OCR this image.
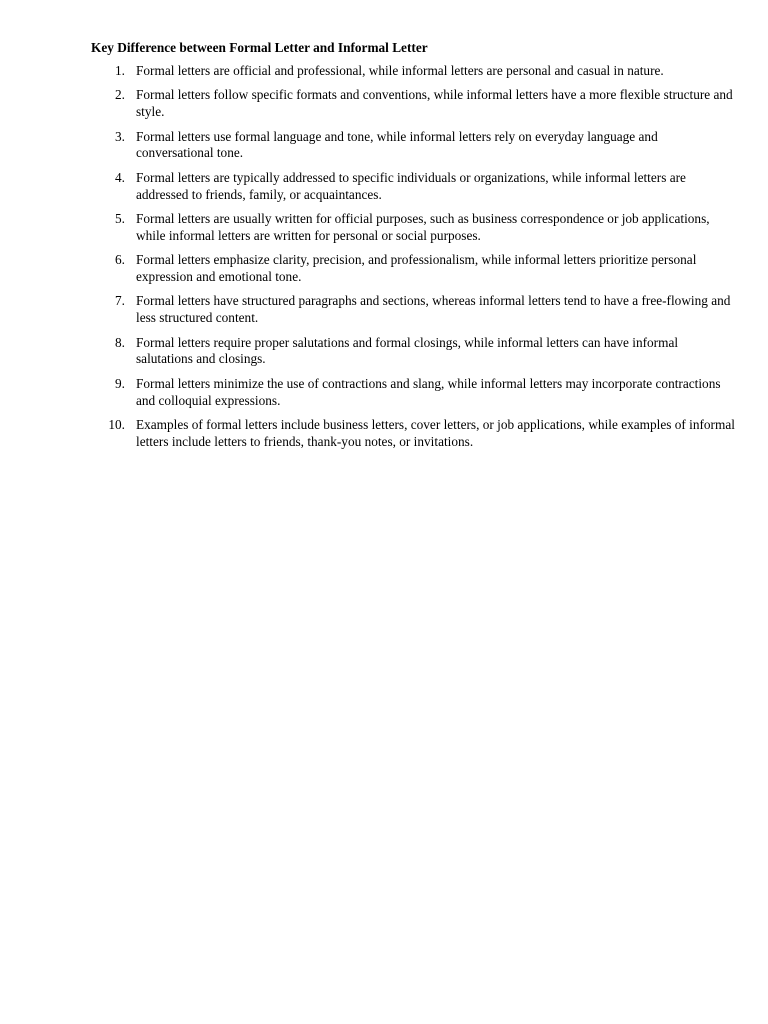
Key Difference between Formal Letter and Informal Letter
1. Formal letters are official and professional, while informal letters are personal and casual in nature.
2. Formal letters follow specific formats and conventions, while informal letters have a more flexible structure and style.
3. Formal letters use formal language and tone, while informal letters rely on everyday language and conversational tone.
4. Formal letters are typically addressed to specific individuals or organizations, while informal letters are addressed to friends, family, or acquaintances.
5. Formal letters are usually written for official purposes, such as business correspondence or job applications, while informal letters are written for personal or social purposes.
6. Formal letters emphasize clarity, precision, and professionalism, while informal letters prioritize personal expression and emotional tone.
7. Formal letters have structured paragraphs and sections, whereas informal letters tend to have a free-flowing and less structured content.
8. Formal letters require proper salutations and formal closings, while informal letters can have informal salutations and closings.
9. Formal letters minimize the use of contractions and slang, while informal letters may incorporate contractions and colloquial expressions.
10. Examples of formal letters include business letters, cover letters, or job applications, while examples of informal letters include letters to friends, thank-you notes, or invitations.
